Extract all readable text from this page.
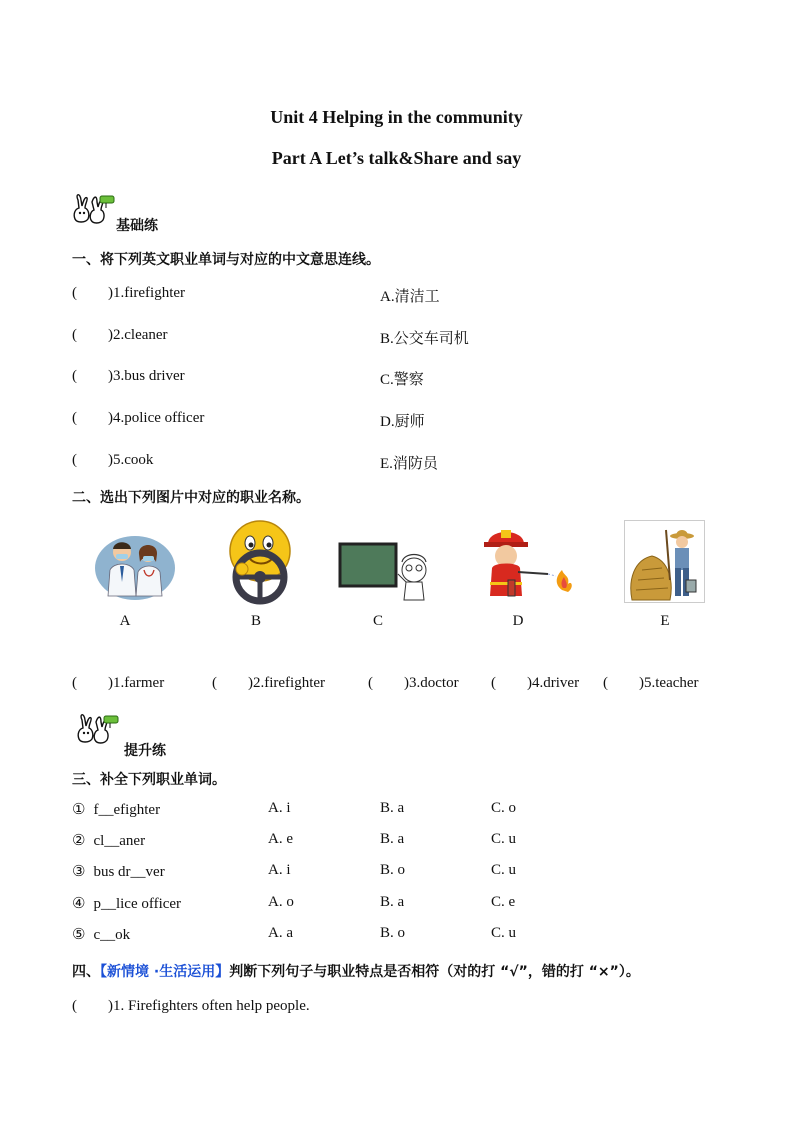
Unit 4 Helping in the community
Part A Let’s talk&Share and say
基础练
一、将下列英文职业单词与对应的中文意思连线。
( )1.firefighter	A.清洁工
( )2.cleaner	B.公交车司机
( )3.bus driver	C.警察
( )4.police officer	D.厨师
( )5.cook	E.消防员
二、选出下列图片中对应的职业名称。
A	B	C	D	E
( )1.farmer	( )2.firefighter	( )3.doctor ( )4.driver ( )5.teacher
提升练
三、补全下列职业单词。
① f__efighter	A. i	B. a	C. o
② cl__aner	A. e	B. a	C. u
③ bus dr__ver	A. i	B. o	C. u
④ p__lice officer	A. o	B. a	C. e
⑤ c__ok	A. a	B. o	C. u
四、【新情境 ·生活运用】判断下列句子与职业特点是否相符（对的打 “√”，错的打 “×”）。
( )1. Firefighters often help people.
